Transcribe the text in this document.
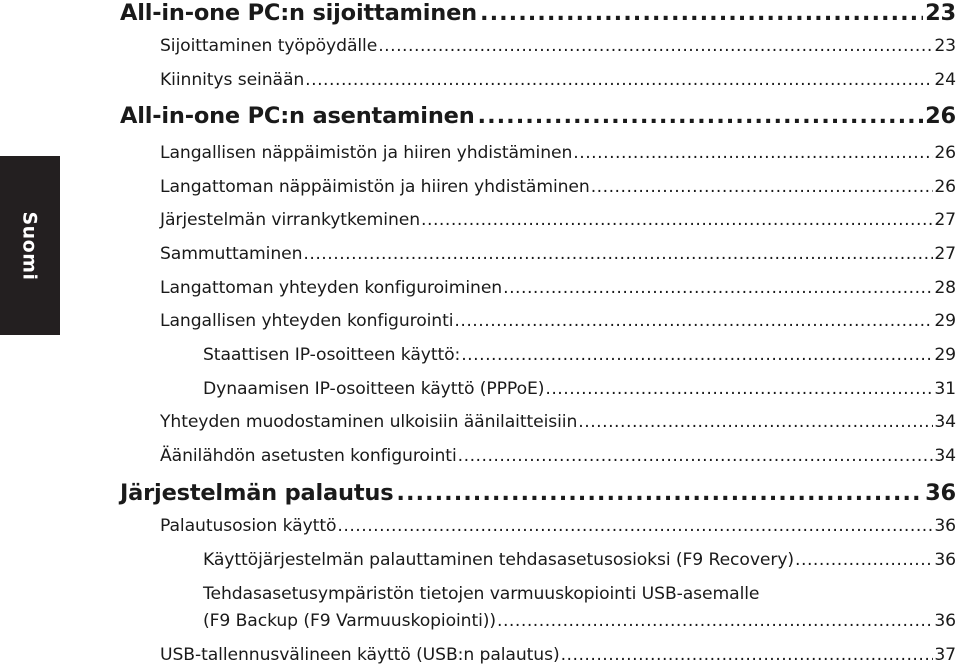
Suomi
All-in-one PC:n sijoittaminen .....	23
Sijoittaminen työpöydälle .....	23
Kiinnitys seinään .....	24
All-in-one PC:n asentaminen .....	26
Langallisen näppäimistön ja hiiren yhdistäminen .....	26
Langattoman näppäimistön ja hiiren yhdistäminen .....	26
Järjestelmän virrankytkeminen .....	27
Sammuttaminen .....	27
Langattoman yhteyden konfiguroiminen .....	28
Langallisen yhteyden konfigurointi .....	29
Staattisen IP-osoitteen käyttö: .....	29
Dynaamisen IP-osoitteen käyttö (PPPoE) .....	31
Yhteyden muodostaminen ulkoisiin äänilaitteisiin .....	34
Äänilähdön asetusten konfigurointi .....	34
Järjestelmän palautus .....	36
Palautusosion käyttö .....	36
Käyttöjärjestelmän palauttaminen tehdasasetusosioksi (F9 Recovery) .....	36
Tehdasasetusympäristön tietojen varmuuskopiointi USB-asemalle
(F9 Backup (F9 Varmuuskopiointi)) .....	36
USB-tallennusvälineen käyttö (USB:n palautus) .....	37
